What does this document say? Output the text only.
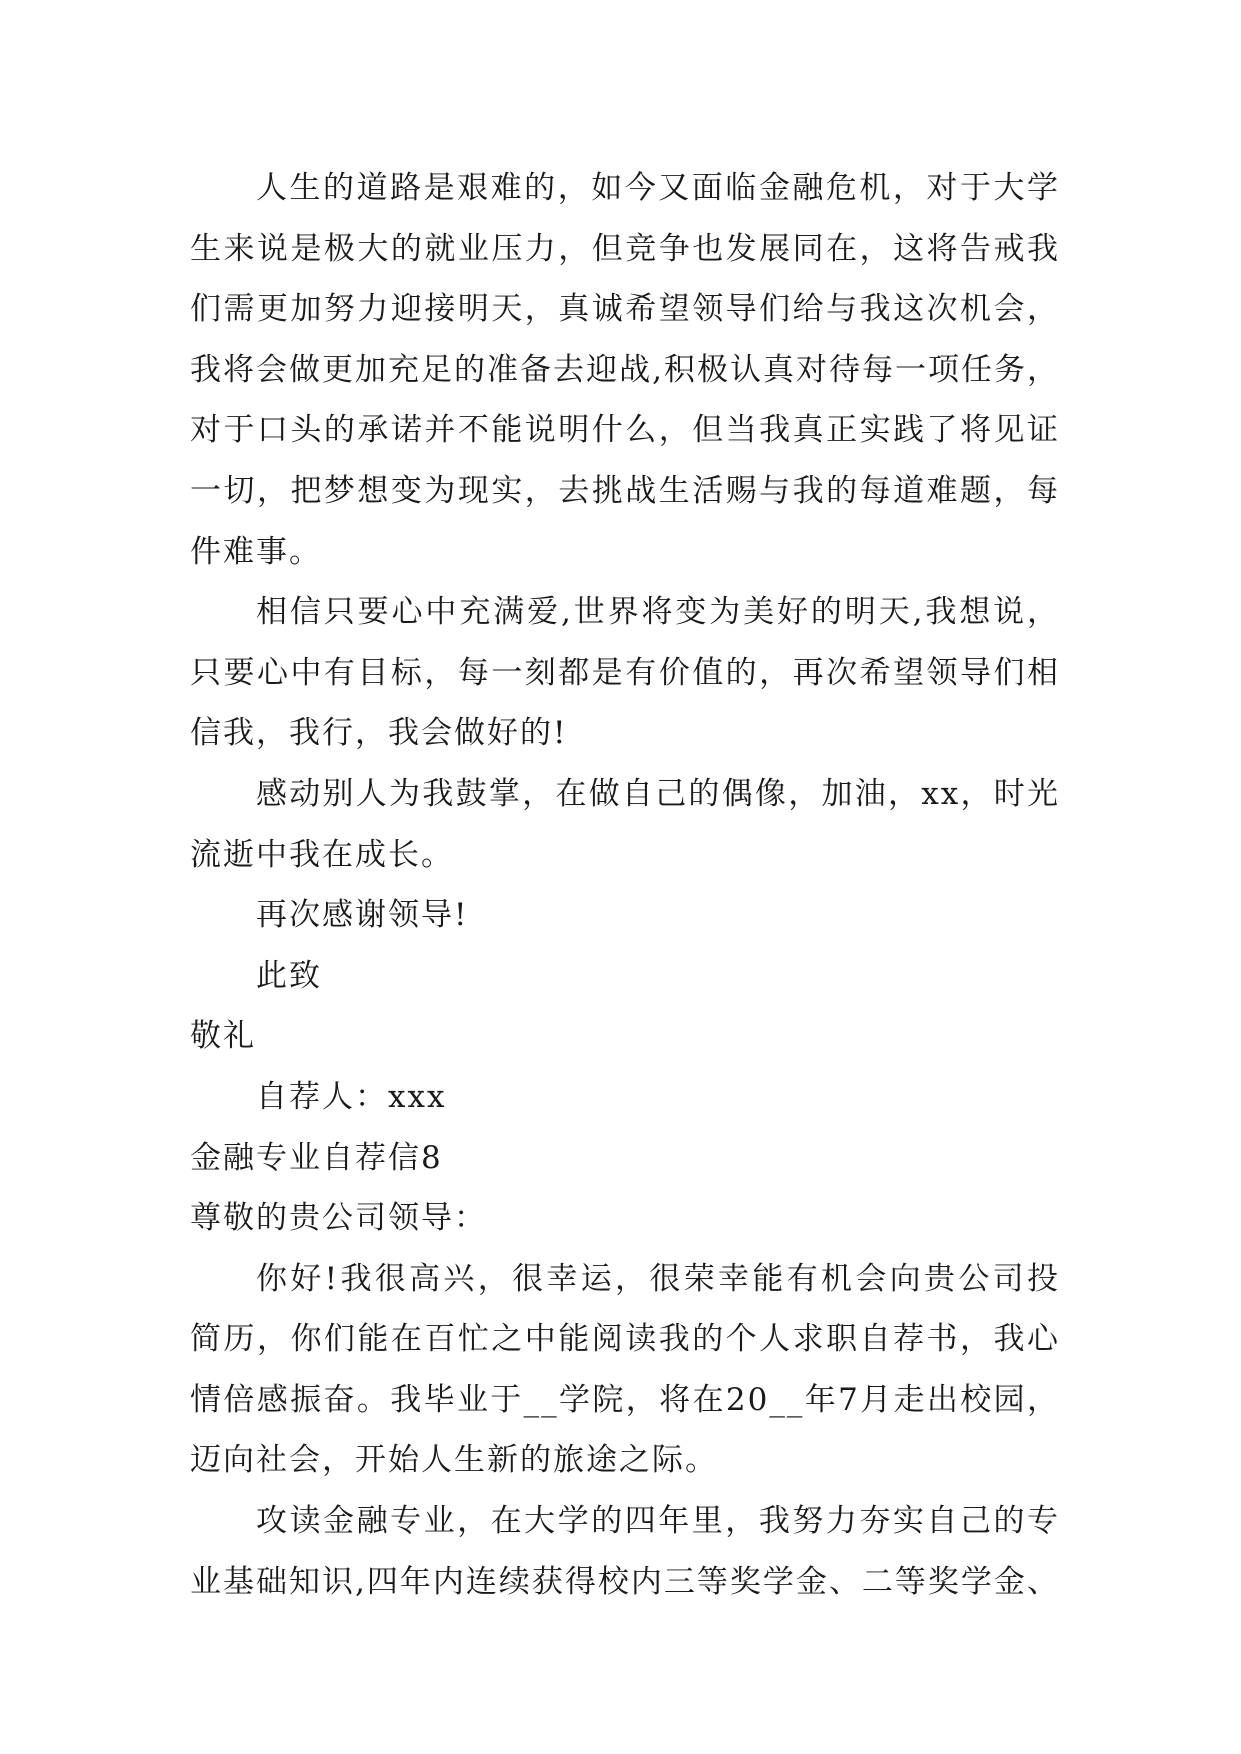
人生的道路是艰难的，如今又面临金融危机，对于大学生来说是极大的就业压力，但竞争也发展同在，这将告戒我们需更加努力迎接明天，真诚希望领导们给与我这次机会，我将会做更加充足的准备去迎战,积极认真对待每一项任务，对于口头的承诺并不能说明什么，但当我真正实践了将见证一切，把梦想变为现实，去挑战生活赐与我的每道难题，每件难事。

相信只要心中充满爱,世界将变为美好的明天,我想说，只要心中有目标，每一刻都是有价值的，再次希望领导们相信我，我行，我会做好的!

感动别人为我鼓掌，在做自己的偶像，加油，xx，时光流逝中我在成长。

再次感谢领导!

此致

敬礼

自荐人：xxx

金融专业自荐信8

尊敬的贵公司领导：

你好!我很高兴，很幸运，很荣幸能有机会向贵公司投简历，你们能在百忙之中能阅读我的个人求职自荐书，我心情倍感振奋。我毕业于__学院，将在20__年7月走出校园，迈向社会，开始人生新的旅途之际。

攻读金融专业，在大学的四年里，我努力夯实自己的专业基础知识,四年内连续获得校内三等奖学金、二等奖学金、
